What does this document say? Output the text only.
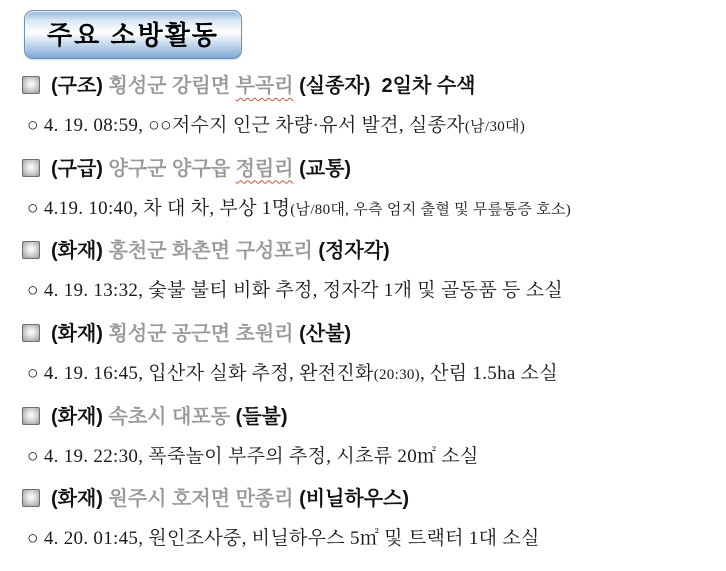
주요 소방활동
(구조) 횡성군 강림면 부곡리 (실종자)  2일차 수색
○ 4. 19. 08:59, ○○저수지 인근 차량·유서 발견, 실종자(남/30대)
(구급) 양구군 양구읍 정림리 (교통)
○ 4.19. 10:40, 차 대 차, 부상 1명(남/80대, 우측 엄지 출혈 및 무릎통증 호소)
(화재) 홍천군 화촌면 구성포리 (정자각)
○ 4. 19. 13:32, 숯불 불티 비화 추정, 정자각 1개 및 골동품 등 소실
(화재) 횡성군 공근면 초원리 (산불)
○ 4. 19. 16:45, 입산자 실화 추정, 완전진화(20:30), 산림 1.5ha 소실
(화재) 속초시 대포동 (들불)
○ 4. 19. 22:30, 폭죽놀이 부주의 추정, 시초류 20㎡ 소실
(화재) 원주시 호저면 만종리 (비닐하우스)
○ 4. 20. 01:45, 원인조사중, 비닐하우스 5㎡ 및 트랙터 1대 소실
